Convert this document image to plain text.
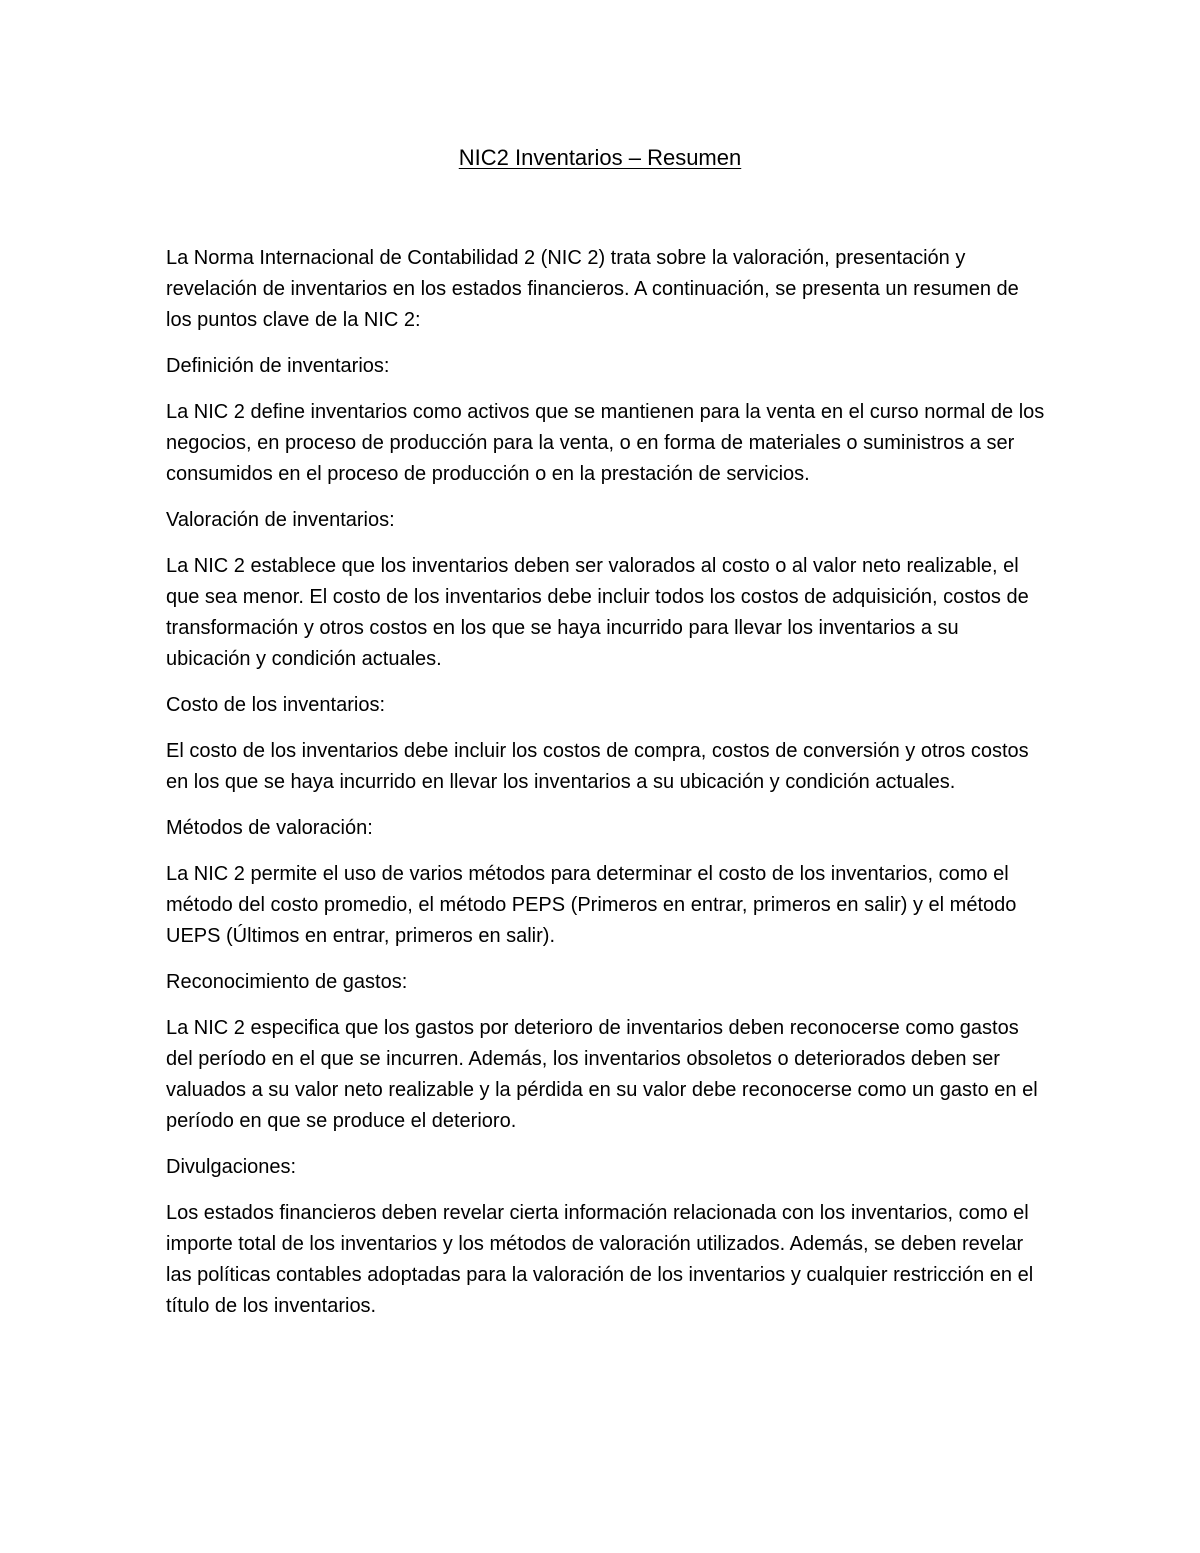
NIC2 Inventarios – Resumen

La Norma Internacional de Contabilidad 2 (NIC 2) trata sobre la valoración, presentación y revelación de inventarios en los estados financieros. A continuación, se presenta un resumen de los puntos clave de la NIC 2:

Definición de inventarios:

La NIC 2 define inventarios como activos que se mantienen para la venta en el curso normal de los negocios, en proceso de producción para la venta, o en forma de materiales o suministros a ser consumidos en el proceso de producción o en la prestación de servicios.

Valoración de inventarios:

La NIC 2 establece que los inventarios deben ser valorados al costo o al valor neto realizable, el que sea menor. El costo de los inventarios debe incluir todos los costos de adquisición, costos de transformación y otros costos en los que se haya incurrido para llevar los inventarios a su ubicación y condición actuales.

Costo de los inventarios:

El costo de los inventarios debe incluir los costos de compra, costos de conversión y otros costos en los que se haya incurrido en llevar los inventarios a su ubicación y condición actuales.

Métodos de valoración:

La NIC 2 permite el uso de varios métodos para determinar el costo de los inventarios, como el método del costo promedio, el método PEPS (Primeros en entrar, primeros en salir) y el método UEPS (Últimos en entrar, primeros en salir).

Reconocimiento de gastos:

La NIC 2 especifica que los gastos por deterioro de inventarios deben reconocerse como gastos del período en el que se incurren. Además, los inventarios obsoletos o deteriorados deben ser valuados a su valor neto realizable y la pérdida en su valor debe reconocerse como un gasto en el período en que se produce el deterioro.

Divulgaciones:

Los estados financieros deben revelar cierta información relacionada con los inventarios, como el importe total de los inventarios y los métodos de valoración utilizados. Además, se deben revelar las políticas contables adoptadas para la valoración de los inventarios y cualquier restricción en el título de los inventarios.
